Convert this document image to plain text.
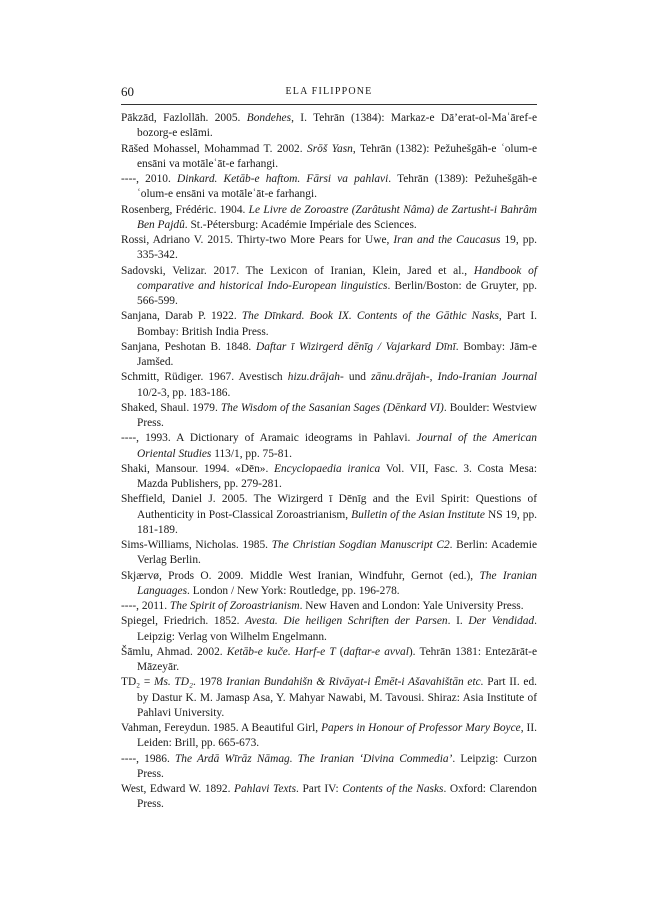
60	ELA FILIPPONE

Pākzād, Fazlollāh. 2005. Bondehes, I. Tehrān (1384): Markaz-e Dā’erat-ol-Maʿāref-e bozorg-e eslāmi.

Rāšed Mohassel, Mohammad T. 2002. Srōš Yasn, Tehrān (1382): Pežuhešgāh-e ʿolum-e ensāni va motāleʿāt-e farhangi.

----, 2010. Dinkard. Ketāb-e haftom. Fārsi va pahlavi. Tehrān (1389): Pežuhešgāh-e ʿolum-e ensāni va motāleʿāt-e farhangi.

Rosenberg, Frédéric. 1904. Le Livre de Zoroastre (Zarâtusht Nâma) de Zartusht-i Bahrâm Ben Pajdû. St.-Pétersburg: Académie Impériale des Sciences.

Rossi, Adriano V. 2015. Thirty-two More Pears for Uwe, Iran and the Caucasus 19, pp. 335-342.

Sadovski, Velizar. 2017. The Lexicon of Iranian, Klein, Jared et al., Handbook of comparative and historical Indo-European linguistics. Berlin/Boston: de Gruyter, pp. 566-599.

Sanjana, Darab P. 1922. The Dīnkard. Book IX. Contents of the Gāthic Nasks, Part I. Bombay: British India Press.

Sanjana, Peshotan B. 1848. Daftar ī Wizirgerd dēnīg / Vajarkard Dīnī. Bombay: Jām-e Jamšed.

Schmitt, Rüdiger. 1967. Avestisch hizu.drājah- und zānu.drājah-, Indo-Iranian Journal 10/2-3, pp. 183-186.

Shaked, Shaul. 1979. The Wisdom of the Sasanian Sages (Dēnkard VI). Boulder: Westview Press.

----, 1993. A Dictionary of Aramaic ideograms in Pahlavi. Journal of the American Oriental Studies 113/1, pp. 75-81.

Shaki, Mansour. 1994. «Dēn». Encyclopaedia iranica Vol. VII, Fasc. 3. Costa Mesa: Mazda Publishers, pp. 279-281.

Sheffield, Daniel J. 2005. The Wizirgerd ī Dēnīg and the Evil Spirit: Questions of Authenticity in Post-Classical Zoroastrianism, Bulletin of the Asian Institute NS 19, pp. 181-189.

Sims-Williams, Nicholas. 1985. The Christian Sogdian Manuscript C2. Berlin: Academie Verlag Berlin.

Skjærvø, Prods O. 2009. Middle West Iranian, Windfuhr, Gernot (ed.), The Iranian Languages. London / New York: Routledge, pp. 196-278.

----, 2011. The Spirit of Zoroastrianism. New Haven and London: Yale University Press.

Spiegel, Friedrich. 1852. Avesta. Die heiligen Schriften der Parsen. I. Der Vendidad. Leipzig: Verlag von Wilhelm Engelmann.

Šāmlu, Ahmad. 2002. Ketāb-e kuče. Harf-e T (daftar-e avval). Tehrān 1381: Entezārāt-e Māzeyār.

TD₂ = Ms. TD₂. 1978 Iranian Bundahišn & Rivāyat-i Ēmēt-i Ašavahištān etc. Part II. ed. by Dastur K. M. Jamasp Asa, Y. Mahyar Nawabi, M. Tavousi. Shiraz: Asia Institute of Pahlavi University.

Vahman, Fereydun. 1985. A Beautiful Girl, Papers in Honour of Professor Mary Boyce, II. Leiden: Brill, pp. 665-673.

----, 1986. The Ardā Wīrāz Nāmag. The Iranian ‘Divina Commedia’. Leipzig: Curzon Press.

West, Edward W. 1892. Pahlavi Texts. Part IV: Contents of the Nasks. Oxford: Clarendon Press.
